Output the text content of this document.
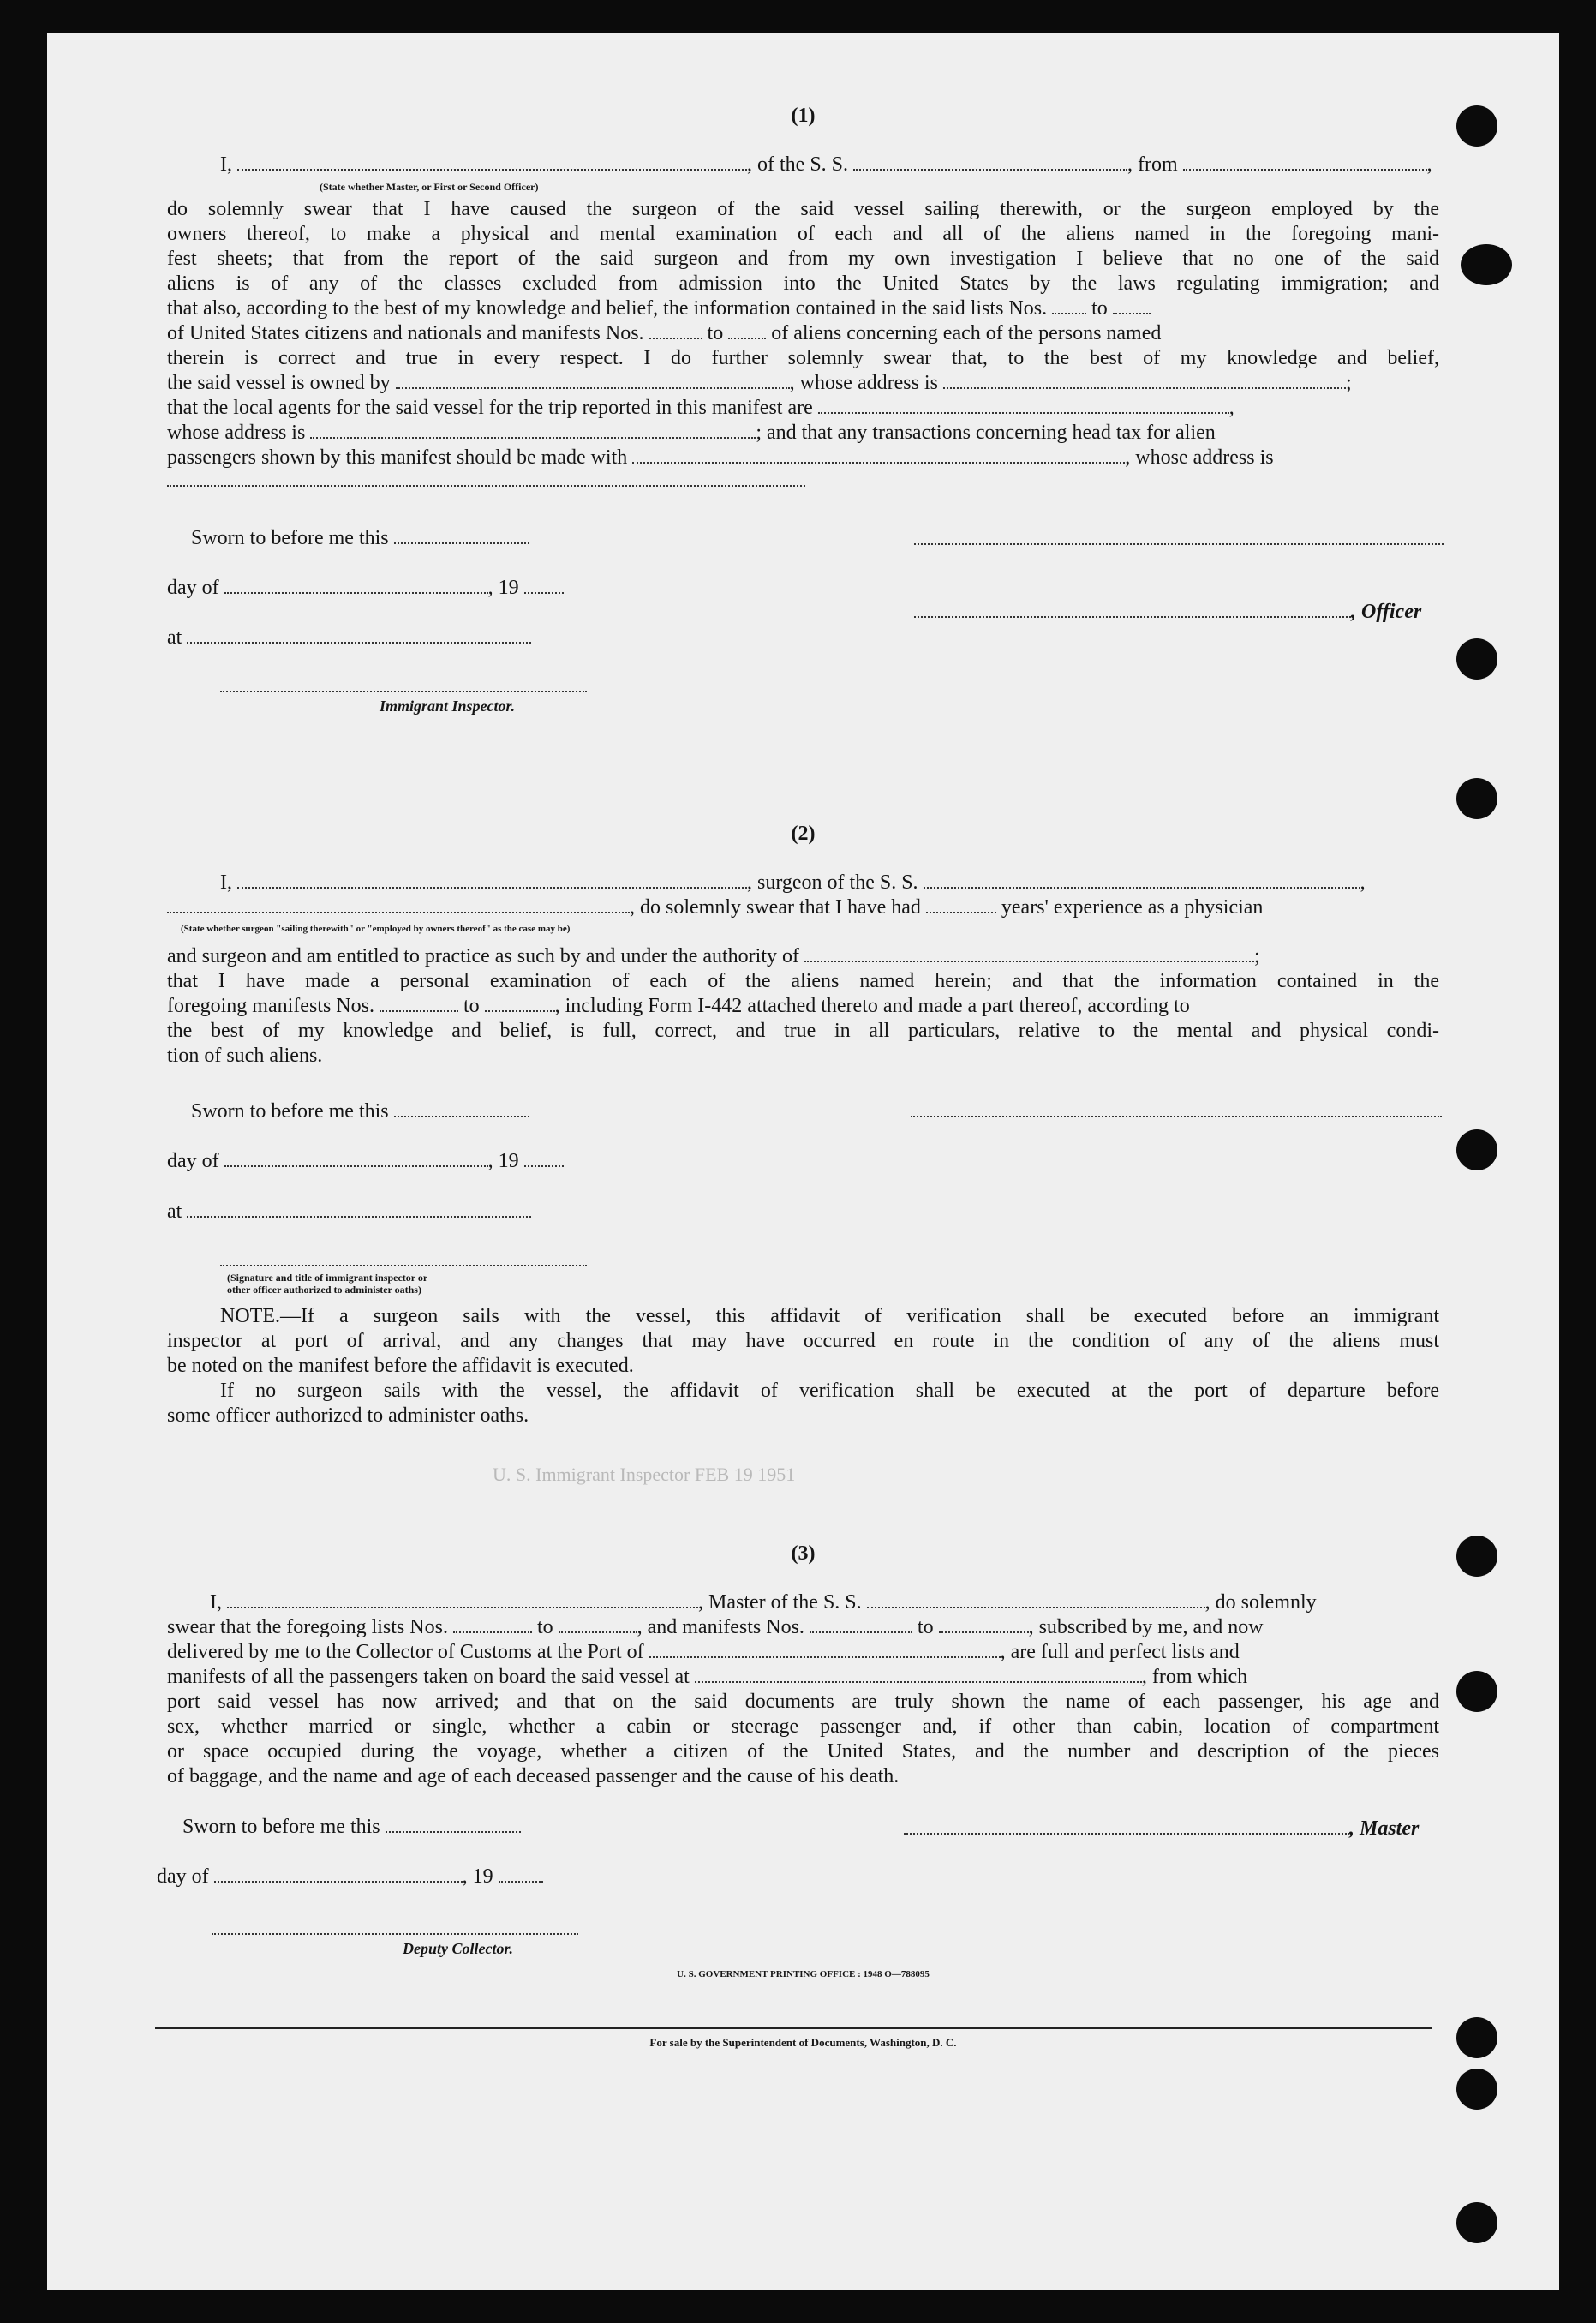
(1)
I,	, of the S. S.	, from	,
(State whether Master, or First or Second Officer)
do solemnly swear that I have caused the surgeon of the said vessel sailing therewith, or the surgeon employed by the
owners thereof, to make a physical and mental examination of each and all of the aliens named in the foregoing mani-
fest sheets; that from the report of the said surgeon and from my own investigation I believe that no one of the said
aliens is of any of the classes excluded from admission into the United States by the laws regulating immigration; and
that also, according to the best of my knowledge and belief, the information contained in the said lists Nos. to
of United States citizens and nationals and manifests Nos.	to of aliens concerning each of the persons named
therein is correct and true in every respect. I do further solemnly swear that, to the best of my knowledge and belief,
the said vessel is owned by	, whose address is	;
that the local agents for the said vessel for the trip reported in this manifest are	,
whose address is	; and that any transactions concerning head tax for alien
passengers shown by this manifest should be made with	, whose address is
Sworn to before me this
day of	, 19
, Officer
at
Immigrant Inspector.
(2)
I,	, surgeon of the S. S.	,
, do solemnly swear that I have had	years' experience as a physician
(State whether surgeon "sailing therewith" or "employed by owners thereof" as the case may be)
and surgeon and am entitled to practice as such by and under the authority of	;
that I have made a personal examination of each of the aliens named herein; and that the information contained in the
foregoing manifests Nos.	to	, including Form I-442 attached thereto and made a part thereof, according to
the best of my knowledge and belief, is full, correct, and true in all particulars, relative to the mental and physical condi-
tion of such aliens.
Sworn to before me this
day of	, 19
at
(Signature and title of immigrant inspector or
other officer authorized to administer oaths)
NOTE.—If a surgeon sails with the vessel, this affidavit of verification shall be executed before an immigrant
inspector at port of arrival, and any changes that may have occurred en route in the condition of any of the aliens must
be noted on the manifest before the affidavit is executed.
If no surgeon sails with the vessel, the affidavit of verification shall be executed at the port of departure before
some officer authorized to administer oaths.
U. S. Immigrant Inspector FEB 19 1951
(3)
I,	, Master of the S. S.	, do solemnly
swear that the foregoing lists Nos.	to	, and manifests Nos.	to	, subscribed by me, and now
delivered by me to the Collector of Customs at the Port of	, are full and perfect lists and
manifests of all the passengers taken on board the said vessel at	, from which
port said vessel has now arrived; and that on the said documents are truly shown the name of each passenger, his age and
sex, whether married or single, whether a cabin or steerage passenger and, if other than cabin, location of compartment
or space occupied during the voyage, whether a citizen of the United States, and the number and description of the pieces
of baggage, and the name and age of each deceased passenger and the cause of his death.
Sworn to before me this	, Master
day of	, 19
Deputy Collector.
U. S. GOVERNMENT PRINTING OFFICE : 1948 O—788095
For sale by the Superintendent of Documents, Washington, D. C.
